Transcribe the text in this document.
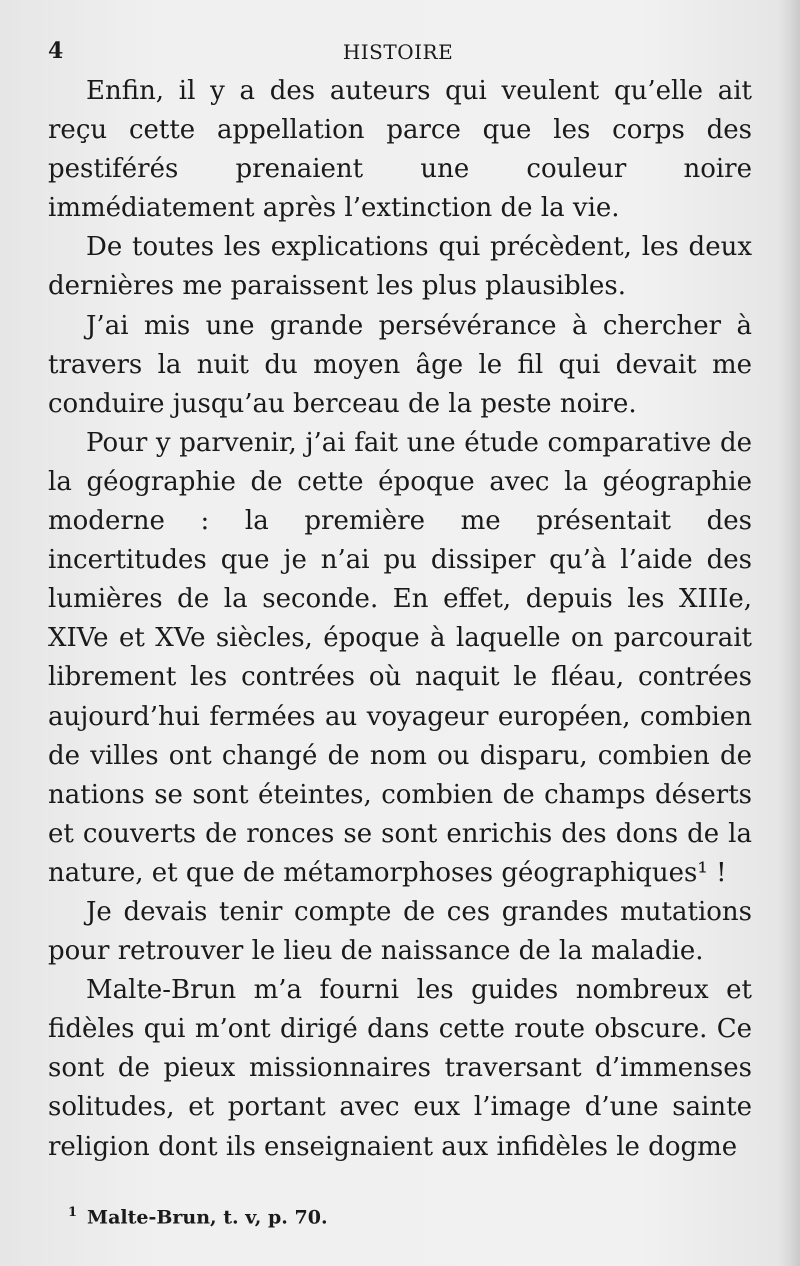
4	HISTOIRE

Enfin, il y a des auteurs qui veulent qu’elle ait reçu cette appellation parce que les corps des pestiférés prenaient une couleur noire immédiatement après l’extinction de la vie.

De toutes les explications qui précèdent, les deux dernières me paraissent les plus plausibles.

J’ai mis une grande persévérance à chercher à travers la nuit du moyen âge le fil qui devait me conduire jusqu’au berceau de la peste noire.

Pour y parvenir, j’ai fait une étude comparative de la géographie de cette époque avec la géographie moderne : la première me présentait des incertitudes que je n’ai pu dissiper qu’à l’aide des lumières de la seconde. En effet, depuis les XIIIe, XIVe et XVe siècles, époque à laquelle on parcourait librement les contrées où naquit le fléau, contrées aujourd’hui fermées au voyageur européen, combien de villes ont changé de nom ou disparu, combien de nations se sont éteintes, combien de champs déserts et couverts de ronces se sont enrichis des dons de la nature, et que de métamorphoses géographiques¹ !

Je devais tenir compte de ces grandes mutations pour retrouver le lieu de naissance de la maladie.

Malte-Brun m’a fourni les guides nombreux et fidèles qui m’ont dirigé dans cette route obscure. Ce sont de pieux missionnaires traversant d’immenses solitudes, et portant avec eux l’image d’une sainte religion dont ils enseignaient aux infidèles le dogme

$^1$ Malte-Brun, t. v, p. 70.
